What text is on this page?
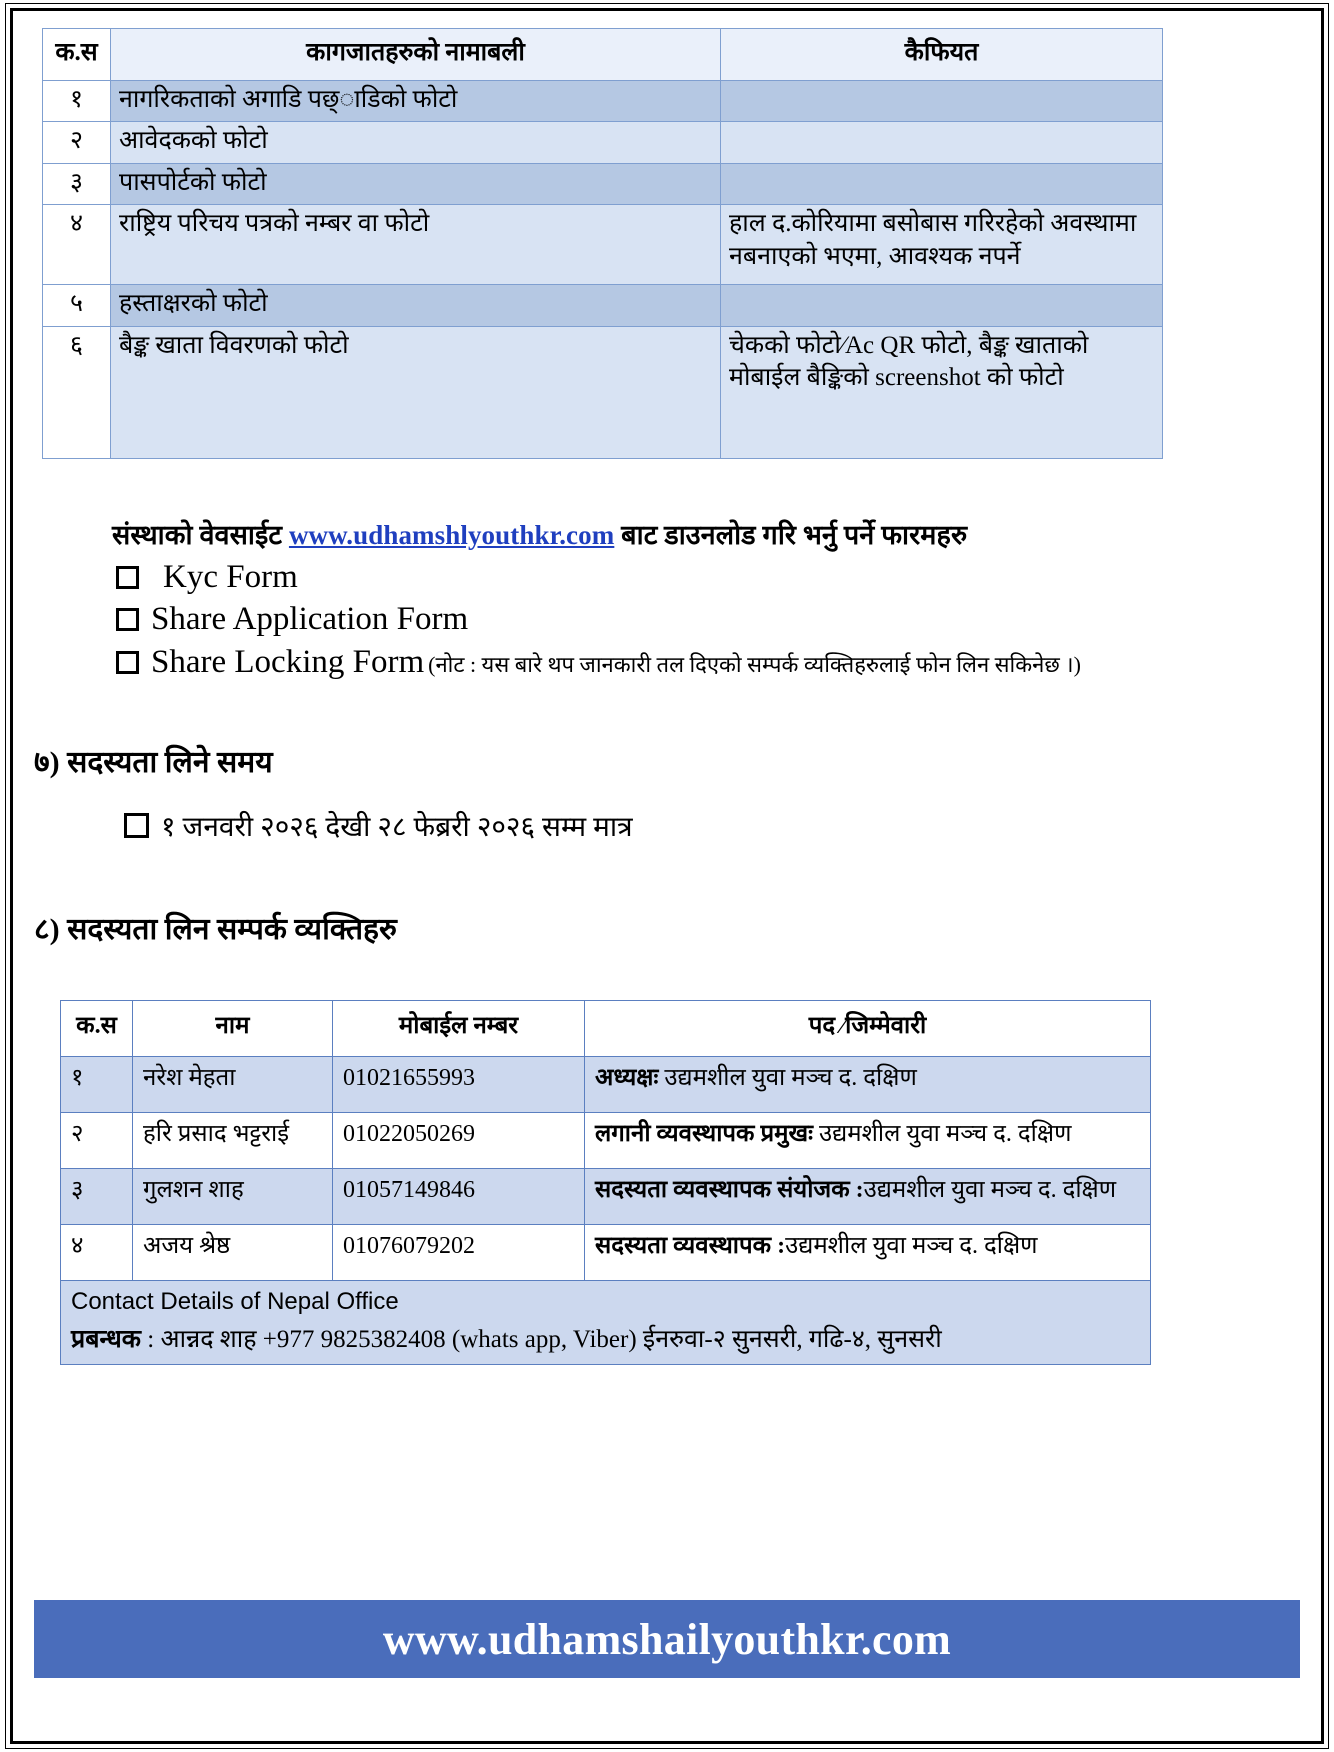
क.स	कागजातहरुको नामाबली	कैफियत
१	नागरिकताको अगाडि पछ्ाडिको फोटो	
२	आवेदकको फोटो	
३	पासपोर्टको फोटो	
४	राष्ट्रिय परिचय पत्रको नम्बर वा फोटो	हाल द.कोरियामा बसोबास गरिरहेको अवस्थामा नबनाएको भएमा, आवश्यक नपर्ने
५	हस्ताक्षरको फोटो	
६	बैङ्क खाता विवरणको फोटो	चेकको फोटो⁄Ac QR फोटो, बैङ्क खाताको मोबाईल बैङ्किको screenshot को फोटो
संस्थाको वेवसाईट www.udhamshlyouthkr.com बाट डाउनलोड गरि भर्नु पर्ने फारमहरु
Kyc Form
Share Application Form
Share Locking Form (नोट : यस बारे थप जानकारी तल दिएको सम्पर्क व्यक्तिहरुलाई फोन लिन सकिनेछ ।)
७) सदस्यता लिने समय
१ जनवरी २०२६ देखी २८ फेब्ररी २०२६ सम्म मात्र
८) सदस्यता लिन सम्पर्क व्यक्तिहरु
क.स	नाम	मोबाईल नम्बर	पद ⁄जिम्मेवारी
१	नरेश मेहता	01021655993	अध्यक्षः उद्यमशील युवा मञ्च द. दक्षिण
२	हरि प्रसाद भट्टराई	01022050269	लगानी व्यवस्थापक प्रमुखः उद्यमशील युवा मञ्च द. दक्षिण
३	गुलशन शाह	01057149846	सदस्यता व्यवस्थापक संयोजक :उद्यमशील युवा मञ्च द. दक्षिण
४	अजय श्रेष्ठ	01076079202	सदस्यता व्यवस्थापक :उद्यमशील युवा मञ्च द. दक्षिण

Contact Details of Nepal Office
प्रबन्धक : आन्नद शाह +977 9825382408 (whats app, Viber) ईनरुवा-२ सुनसरी, गढि-४, सुनसरी			
www.udhamshailyouthkr.com
